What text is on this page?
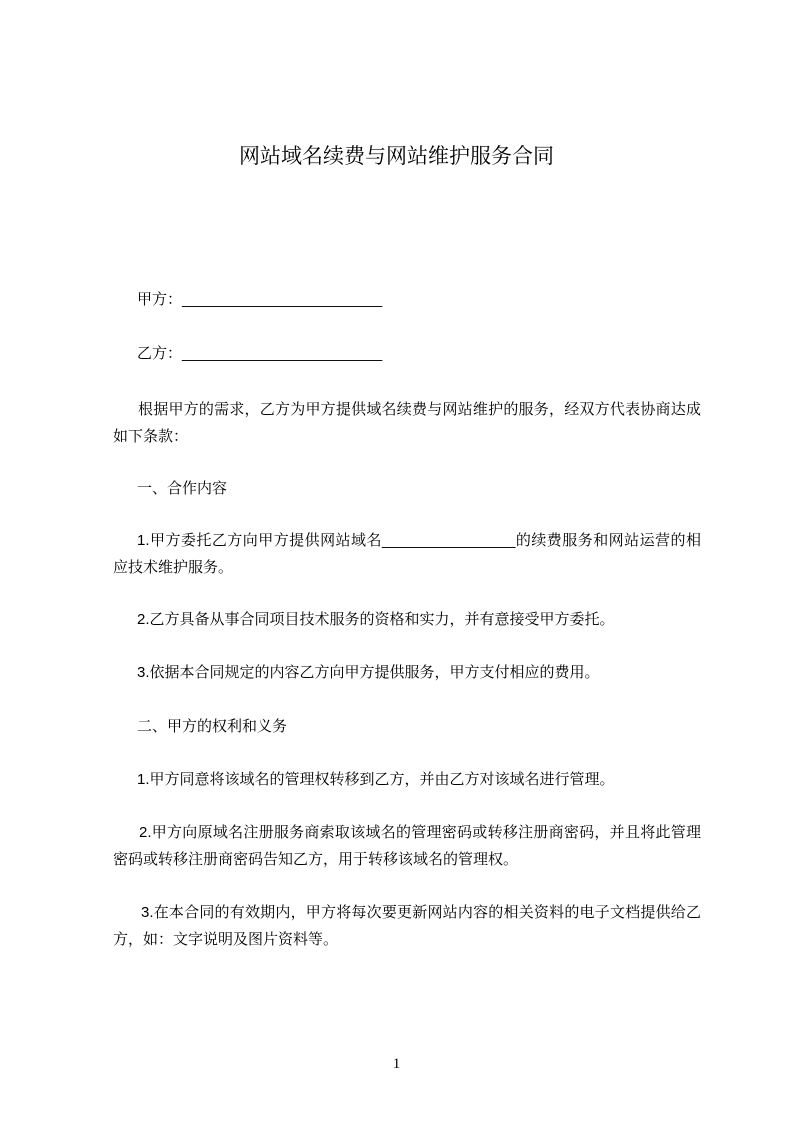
网站域名续费与网站维护服务合同
甲方：________________________
乙方：________________________
根据甲方的需求，乙方为甲方提供域名续费与网站维护的服务，经双方代表协商达成如下条款：
一、合作内容
1.甲方委托乙方向甲方提供网站域名________________的续费服务和网站运营的相应技术维护服务。
2.乙方具备从事合同项目技术服务的资格和实力，并有意接受甲方委托。
3.依据本合同规定的内容乙方向甲方提供服务，甲方支付相应的费用。
二、甲方的权利和义务
1.甲方同意将该域名的管理权转移到乙方，并由乙方对该域名进行管理。
2.甲方向原域名注册服务商索取该域名的管理密码或转移注册商密码，并且将此管理密码或转移注册商密码告知乙方，用于转移该域名的管理权。
3.在本合同的有效期内，甲方将每次要更新网站内容的相关资料的电子文档提供给乙方，如：文字说明及图片资料等。
1
